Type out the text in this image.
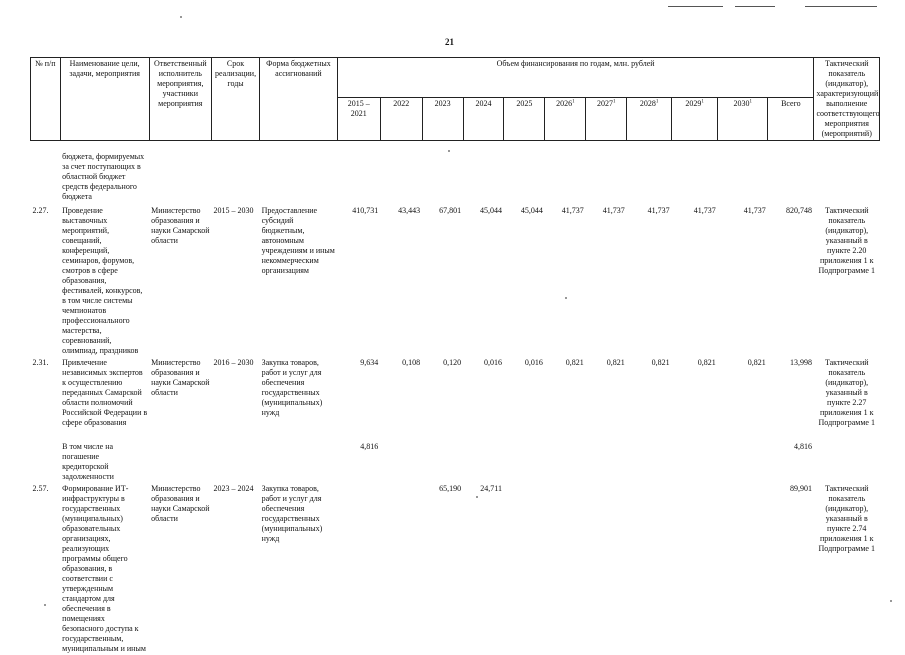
21
№ п/п	Наименование цели, задачи, мероприятия	Ответственный исполнитель мероприятия, участники мероприятия	Срок реализации, годы	Форма бюджетных ассигнований	Объем финансирования по годам, млн. рублей											Тактический показатель (индикатор), характеризующий выполнение соответствующего мероприятия (мероприятий)
					2015 – 2021	2022	2023	2024	2025	2026$^1$	2027$^1$	2028$^1$	2029$^1$	2030$^1$	Всего	

	бюджета, формируемых за счет поступающих в областной бюджет средств федерального бюджета															
2.27.	Проведение выставочных мероприятий, совещаний, конференций, семинаров, форумов, смотров в сфере образования, фестивалей, конкурсов, в том числе системы чемпионатов профессионального мастерства, соревнований, олимпиад, праздников	Министерство образования и науки Самарской области	2015 – 2030	Предоставление субсидий бюджетным, автономным учреждениям и иным некоммерческим организациям	410,731	43,443	67,801	45,044	45,044	41,737	41,737	41,737	41,737	41,737	820,748	Тактический показатель (индикатор), указанный в пункте 2.20 приложения 1 к Подпрограмме 1
2.31.	Привлечение независимых экспертов к осуществлению переданных Самарской области полномочий Российской Федерации в сфере образования	Министерство образования и науки Самарской области	2016 – 2030	Закупка товаров, работ и услуг для обеспечения государственных (муниципальных) нужд	9,634	0,108	0,120	0,016	0,016	0,821	0,821	0,821	0,821	0,821	13,998	Тактический показатель (индикатор), указанный в пункте 2.27 приложения 1 к Подпрограмме 1
	В том числе на погашение кредиторской задолженности				4,816										4,816	
2.57.	Формирование ИТ-инфраструктуры в государственных (муниципальных) образовательных организациях, реализующих программы общего образования, в соответствии с утвержденным стандартом для обеспечения в помещениях безопасного доступа к государственным, муниципальным и иным	Министерство образования и науки Самарской области	2023 – 2024	Закупка товаров, работ и услуг для обеспечения государственных (муниципальных) нужд			65,190	24,711							89,901	Тактический показатель (индикатор), указанный в пункте 2.74 приложения 1 к Подпрограмме 1
